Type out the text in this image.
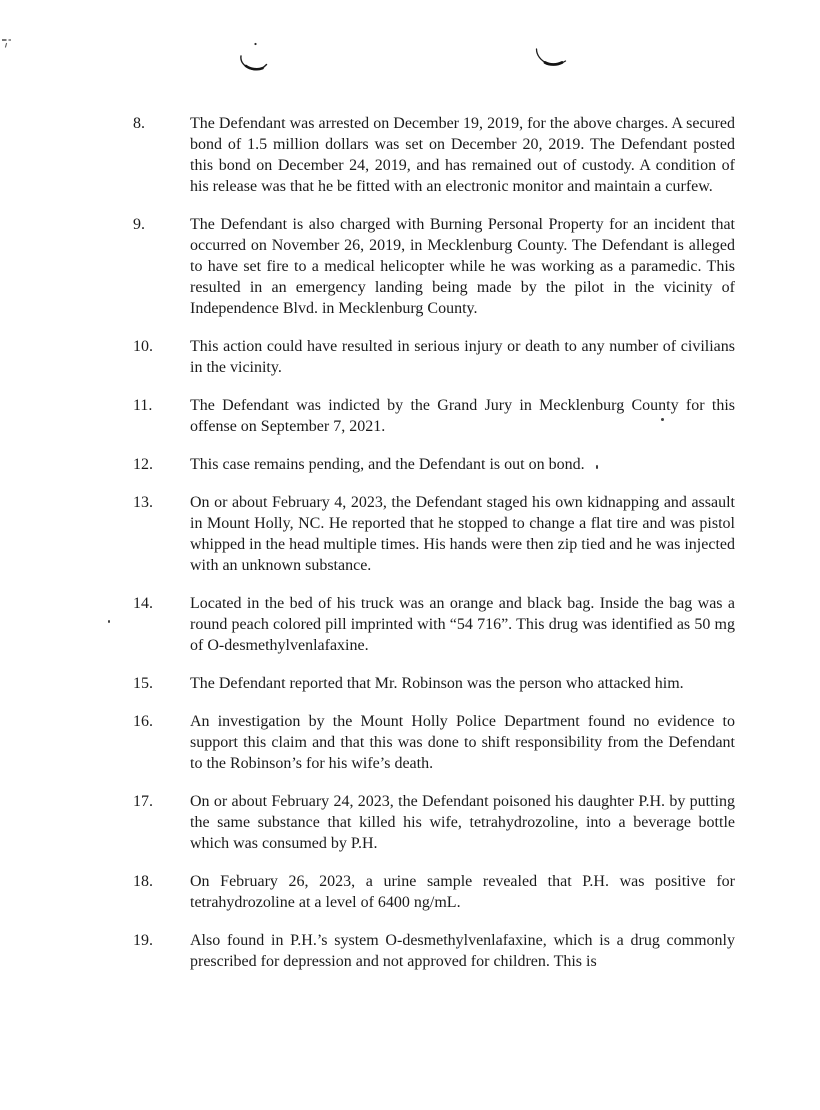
8.	The Defendant was arrested on December 19, 2019, for the above charges. A secured bond of 1.5 million dollars was set on December 20, 2019. The Defendant posted this bond on December 24, 2019, and has remained out of custody. A condition of his release was that he be fitted with an electronic monitor and maintain a curfew.
9.	The Defendant is also charged with Burning Personal Property for an incident that occurred on November 26, 2019, in Mecklenburg County. The Defendant is alleged to have set fire to a medical helicopter while he was working as a paramedic. This resulted in an emergency landing being made by the pilot in the vicinity of Independence Blvd. in Mecklenburg County.
10.	This action could have resulted in serious injury or death to any number of civilians in the vicinity.
11.	The Defendant was indicted by the Grand Jury in Mecklenburg County for this offense on September 7, 2021.
12.	This case remains pending, and the Defendant is out on bond.
13.	On or about February 4, 2023, the Defendant staged his own kidnapping and assault in Mount Holly, NC. He reported that he stopped to change a flat tire and was pistol whipped in the head multiple times. His hands were then zip tied and he was injected with an unknown substance.
14.	Located in the bed of his truck was an orange and black bag. Inside the bag was a round peach colored pill imprinted with “54 716”. This drug was identified as 50 mg of O-desmethylvenlafaxine.
15.	The Defendant reported that Mr. Robinson was the person who attacked him.
16.	An investigation by the Mount Holly Police Department found no evidence to support this claim and that this was done to shift responsibility from the Defendant to the Robinson’s for his wife’s death.
17.	On or about February 24, 2023, the Defendant poisoned his daughter P.H. by putting the same substance that killed his wife, tetrahydrozoline, into a beverage bottle which was consumed by P.H.
18.	On February 26, 2023, a urine sample revealed that P.H. was positive for tetrahydrozoline at a level of 6400 ng/mL.
19.	Also found in P.H.’s system O-desmethylvenlafaxine, which is a drug commonly prescribed for depression and not approved for children. This is
